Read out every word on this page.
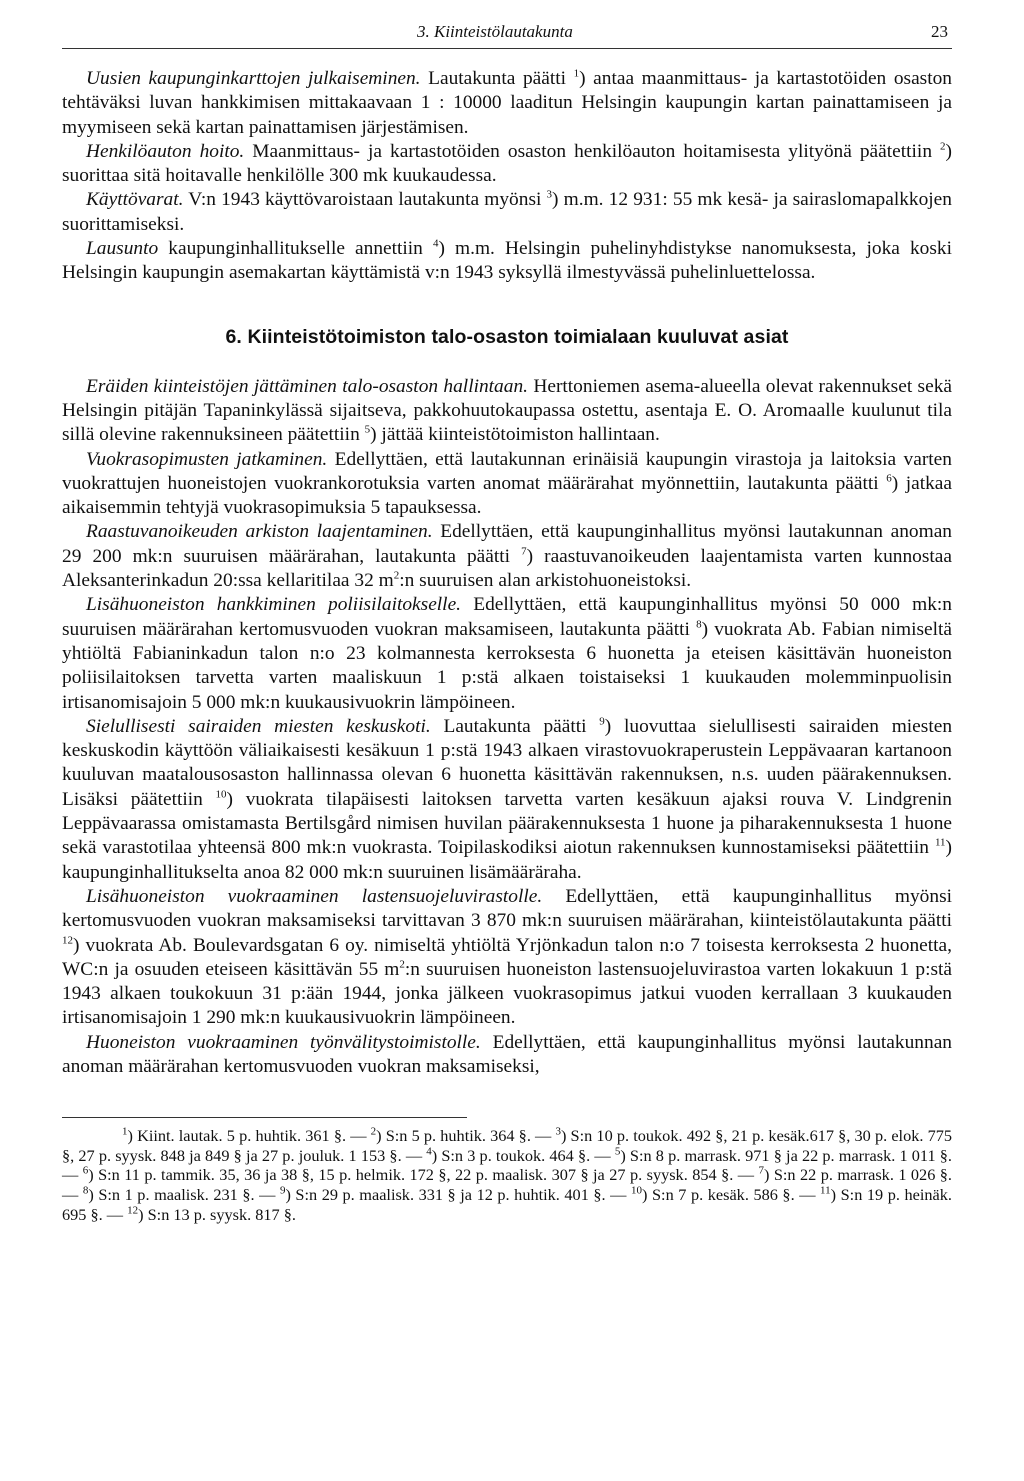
3. Kiinteistölautakunta	23

Uusien kaupunginkarttojen julkaiseminen. Lautakunta päätti $^1$) antaa maanmittaus- ja kartastotöiden osaston tehtäväksi luvan hankkimisen mittakaavaan 1 : 10000 laaditun Helsingin kaupungin kartan painattamiseen ja myymiseen sekä kartan painattamisen järjestämisen.

Henkilöauton hoito. Maanmittaus- ja kartastotöiden osaston henkilöauton hoitamisesta ylityönä päätettiin $^2$) suorittaa sitä hoitavalle henkilölle 300 mk kuukaudessa.

Käyttövarat. V:n 1943 käyttövaroistaan lautakunta myönsi $^3$) m.m. 12 931: 55 mk kesä- ja sairaslomapalkkojen suorittamiseksi.

Lausunto kaupunginhallitukselle annettiin $^4$) m.m. Helsingin puhelinyhdistykse nanomuksesta, joka koski Helsingin kaupungin asemakartan käyttämistä v:n 1943 syksyllä ilmestyvässä puhelinluettelossa.

6. Kiinteistötoimiston talo-osaston toimialaan kuuluvat asiat

Eräiden kiinteistöjen jättäminen talo-osaston hallintaan. Herttoniemen asema-alueella olevat rakennukset sekä Helsingin pitäjän Tapaninkylässä sijaitseva, pakkohuutokaupassa ostettu, asentaja E. O. Aromaalle kuulunut tila sillä olevine rakennuksineen päätettiin $^5$) jättää kiinteistötoimiston hallintaan.

Vuokrasopimusten jatkaminen. Edellyttäen, että lautakunnan erinäisiä kaupungin virastoja ja laitoksia varten vuokrattujen huoneistojen vuokrankorotuksia varten anomat määrärahat myönnettiin, lautakunta päätti $^6$) jatkaa aikaisemmin tehtyjä vuokrasopimuksia 5 tapauksessa.

Raastuvanoikeuden arkiston laajentaminen. Edellyttäen, että kaupunginhallitus myönsi lautakunnan anoman 29 200 mk:n suuruisen määrärahan, lautakunta päätti $^7$) raastuvanoikeuden laajentamista varten kunnostaa Aleksanterinkadun 20:ssa kellaritilaa 32 $m^2:n$ suuruisen alan arkistohuoneistoksi.

Lisähuoneiston hankkiminen poliisilaitokselle. Edellyttäen, että kaupunginhallitus myönsi 50 000 mk:n suuruisen määrärahan kertomusvuoden vuokran maksamiseen, lautakunta päätti $^8$) vuokrata Ab. Fabian nimiseltä yhtiöltä Fabianinkadun talon n:o 23 kolmannesta kerroksesta 6 huonetta ja eteisen käsittävän huoneiston poliisilaitoksen tarvetta varten maaliskuun 1 p:stä alkaen toistaiseksi 1 kuukauden molemminpuolisin irtisanomisajoin 5 000 mk:n kuukausivuokrin lämpöineen.

Sielullisesti sairaiden miesten keskuskoti. Lautakunta päätti $^9$) luovuttaa sielullisesti sairaiden miesten keskuskodin käyttöön väliaikaisesti kesäkuun 1 p:stä 1943 alkaen virastovuokraperustein Leppävaaran kartanoon kuuluvan maatalousosaston hallinnassa olevan 6 huonetta käsittävän rakennuksen, n.s. uuden päärakennuksen. Lisäksi päätettiin $^{10}$) vuokrata tilapäisesti laitoksen tarvetta varten kesäkuun ajaksi rouva V. Lindgrenin Leppävaarassa omistamasta Bertilsgård nimisen huvilan päärakennuksesta 1 huone ja piharakennuksesta 1 huone sekä varastotilaa yhteensä 800 mk:n vuokrasta. Toipilaskodiksi aiotun rakennuksen kunnostamiseksi päätettiin $^{11}$) kaupunginhallitukselta anoa 82 000 mk:n suuruinen lisämääräraha.

Lisähuoneiston vuokraaminen lastensuojeluvirastolle. Edellyttäen, että kaupunginhallitus myönsi kertomusvuoden vuokran maksamiseksi tarvittavan 3 870 mk:n suuruisen määrärahan, kiinteistölautakunta päätti $^{12}$) vuokrata Ab. Boulevardsgatan 6 oy. nimiseltä yhtiöltä Yrjönkadun talon n:o 7 toisesta kerroksesta 2 huonetta, WC:n ja osuuden eteiseen käsittävän 55 $m^2:n$ suuruisen huoneiston lastensuojeluvirastoa varten lokakuun 1 p:stä 1943 alkaen toukokuun 31 p:ään 1944, jonka jälkeen vuokrasopimus jatkui vuoden kerrallaan 3 kuukauden irtisanomisajoin 1 290 mk:n kuukausivuokrin lämpöineen.

Huoneiston vuokraaminen työnvälitystoimistolle. Edellyttäen, että kaupunginhallitus myönsi lautakunnan anoman määrärahan kertomusvuoden vuokran maksamiseksi,

$^1$) Kiint. lautak. 5 p. huhtik. 361 §. — $^2$) S:n 5 p. huhtik. 364 §. — $^3$) S:n 10 p. toukok. 492 §, 21 p. kesäk.617 §, 30 p. elok. 775 §, 27 p. syysk. 848 ja 849 § ja 27 p. jouluk. 1 153 §. — $^4$) S:n 3 p. toukok. 464 §. — $^5$) S:n 8 p. marrask. 971 § ja 22 p. marrask. 1 011 §. — $^6$) S:n 11 p. tammik. 35, 36 ja 38 §, 15 p. helmik. 172 §, 22 p. maalisk. 307 § ja 27 p. syysk. 854 §. — $^7$) S:n 22 p. marrask. 1 026 §. — $^8$) S:n 1 p. maalisk. 231 §. — $^9$) S:n 29 p. maalisk. 331 § ja 12 p. huhtik. 401 §. — $^{10}$) S:n 7 p. kesäk. 586 §. — $^{11}$) S:n 19 p. heinäk. 695 §. — $^{12}$) S:n 13 p. syysk. 817 §.
